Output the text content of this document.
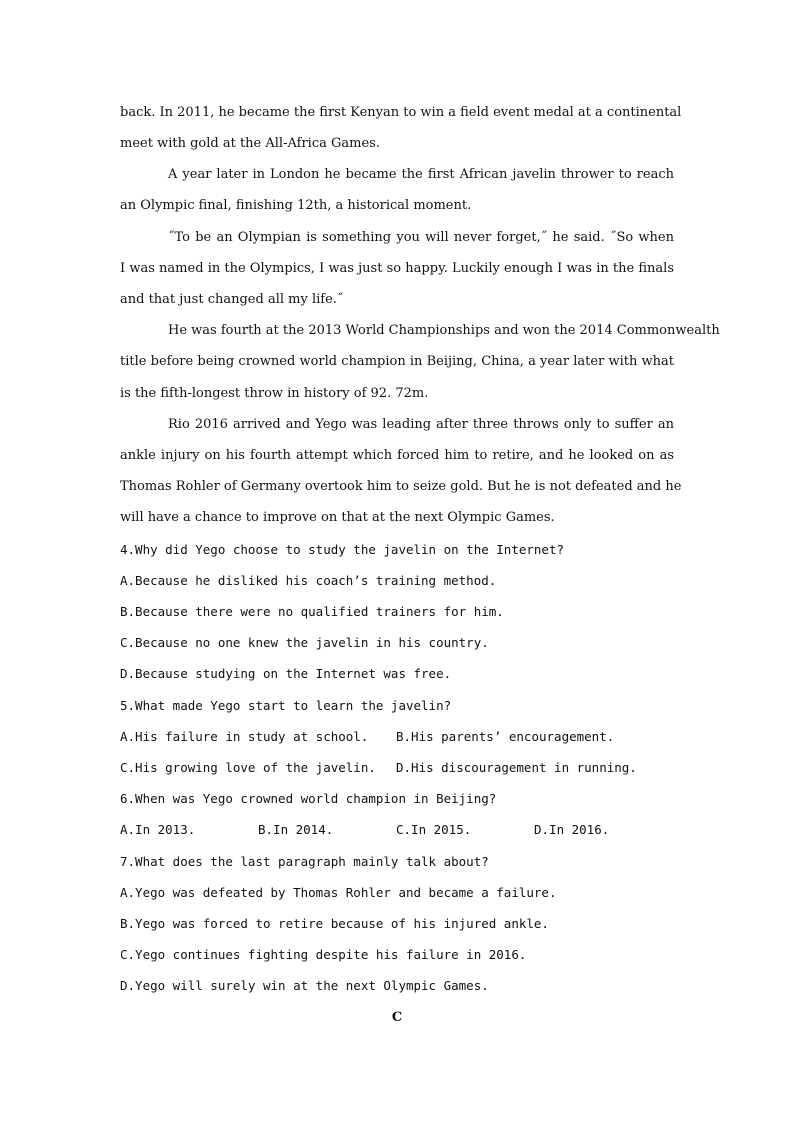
back. In 2011, he became the first Kenyan to win a field event medal at a continental
meet with gold at the All-Africa Games.
A year later in London he became the first African javelin thrower to reach
an Olympic final, finishing 12th, a historical moment.
˝To be an Olympian is something you will never forget,˝ he said. ˝So when
I was named in the Olympics, I was just so happy. Luckily enough I was in the finals
and that just changed all my life.˝
He was fourth at the 2013 World Championships and won the 2014 Commonwealth
title before being crowned world champion in Beijing, China, a year later with what
is the fifth-longest throw in history of 92. 72m.
Rio 2016 arrived and Yego was leading after three throws only to suffer an
ankle injury on his fourth attempt which forced him to retire, and he looked on as
Thomas Rohler of Germany overtook him to seize gold. But he is not defeated and he
will have a chance to improve on that at the next Olympic Games.
4.Why did Yego choose to study the javelin on the Internet?
A.Because he disliked his coach’s training method.
B.Because there were no qualified trainers for him.
C.Because no one knew the javelin in his country.
D.Because studying on the Internet was free.
5.What made Yego start to learn the javelin?
A.His failure in study at school. B.His parents’ encouragement.
C.His growing love of the javelin. D.His discouragement in running.
6.When was Yego crowned world champion in Beijing?
A.In 2013.	B.In 2014.	C.In 2015.	D.In 2016.
7.What does the last paragraph mainly talk about?
A.Yego was defeated by Thomas Rohler and became a failure.
B.Yego was forced to retire because of his injured ankle.
C.Yego continues fighting despite his failure in 2016.
D.Yego will surely win at the next Olympic Games.
C
